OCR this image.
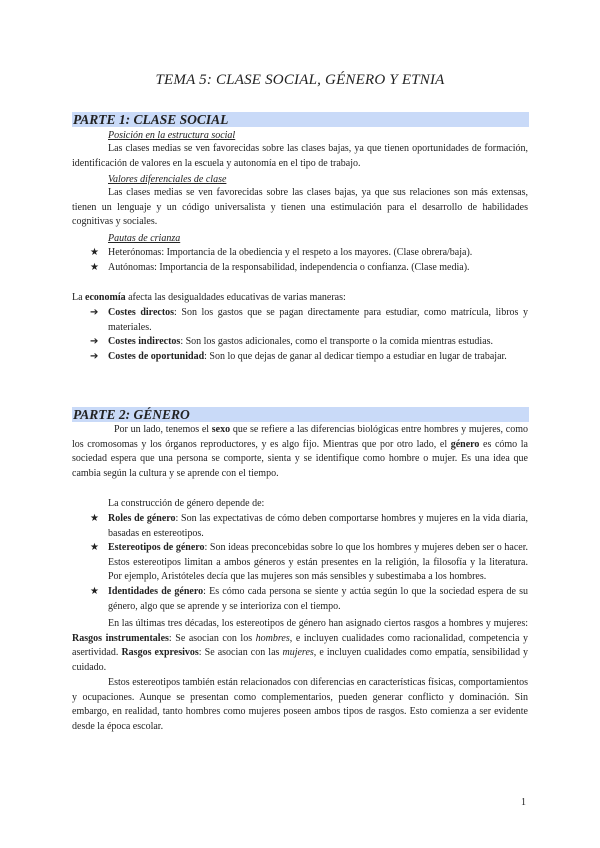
TEMA 5: CLASE SOCIAL, GÉNERO Y ETNIA
PARTE 1: CLASE SOCIAL
Posición en la estructura social

Las clases medias se ven favorecidas sobre las clases bajas, ya que tienen oportunidades de formación, identificación de valores en la escuela y autonomía en el tipo de trabajo.

Valores diferenciales de clase

Las clases medias se ven favorecidas sobre las clases bajas, ya que sus relaciones son más extensas, tienen un lenguaje y un código universalista y tienen una estimulación para el desarrollo de habilidades cognitivas y sociales.

Pautas de crianza
★ Heterónomas: Importancia de la obediencia y el respeto a los mayores. (Clase obrera/baja).
★ Autónomas: Importancia de la responsabilidad, independencia o confianza. (Clase media).

La economía afecta las desigualdades educativas de varias maneras:

➔ Costes directos: Son los gastos que se pagan directamente para estudiar, como matrícula, libros y materiales.
➔ Costes indirectos: Son los gastos adicionales, como el transporte o la comida mientras estudias.
➔ Costes de oportunidad: Son lo que dejas de ganar al dedicar tiempo a estudiar en lugar de trabajar.
PARTE 2: GÉNERO

Por un lado, tenemos el sexo que se refiere a las diferencias biológicas entre hombres y mujeres, como los cromosomas y los órganos reproductores, y es algo fijo. Mientras que por otro lado, el género es cómo la sociedad espera que una persona se comporte, sienta y se identifique como hombre o mujer. Es una idea que cambia según la cultura y se aprende con el tiempo.

La construcción de género depende de:

★ Roles de género: Son las expectativas de cómo deben comportarse hombres y mujeres en la vida diaria, basadas en estereotipos.
★ Estereotipos de género: Son ideas preconcebidas sobre lo que los hombres y mujeres deben ser o hacer. Estos estereotipos limitan a ambos géneros y están presentes en la religión, la filosofía y la literatura. Por ejemplo, Aristóteles decía que las mujeres son más sensibles y subestimaba a los hombres.
★ Identidades de género: Es cómo cada persona se siente y actúa según lo que la sociedad espera de su género, algo que se aprende y se interioriza con el tiempo.

En las últimas tres décadas, los estereotipos de género han asignado ciertos rasgos a hombres y mujeres: Rasgos instrumentales: Se asocian con los hombres, e incluyen cualidades como racionalidad, competencia y asertividad. Rasgos expresivos: Se asocian con las mujeres, e incluyen cualidades como empatía, sensibilidad y cuidado.

Estos estereotipos también están relacionados con diferencias en características físicas, comportamientos y ocupaciones. Aunque se presentan como complementarios, pueden generar conflicto y dominación. Sin embargo, en realidad, tanto hombres como mujeres poseen ambos tipos de rasgos. Esto comienza a ser evidente desde la época escolar.

1
